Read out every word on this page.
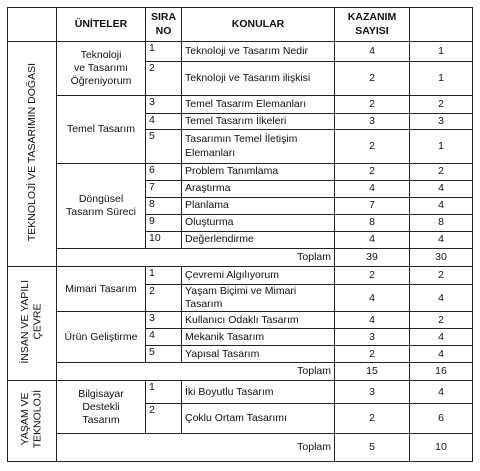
	ÜNİTELER	SIRA
NO	KONULAR	KAZANIM
SAYISI	
TEKNOLOJİ VE TASARIMIN DOĞASI	Teknoloji
ve Tasarımı
Öğreniyorum	1	Teknoloji ve Tasarım Nedir	4	1
		2	Teknoloji ve Tasarım ilişkisi	2	1
	Temel Tasarım	3	Temel Tasarım Elemanları	2	2
		4	Temel Tasarım İlkeleri	3	3
		5	Tasarımın Temel İletişim Elemanları	2	1
	Döngüsel
Tasarım Süreci	6	Problem Tanımlama	2	2
		7	Araştırma	4	4
		8	Planlama	7	4
		9	Oluşturma	8	8
		10	Değerlendirme	4	4
	Toplam			39	30
İNSAN VE YAPILI
ÇEVRE	Mimari Tasarım	1	Çevremi Algılıyorum	2	2
		2	Yaşam Biçimi ve Mimari Tasarım	4	4
	Ürün Geliştirme	3	Kullanıcı Odaklı Tasarım	4	2
		4	Mekanik Tasarım	3	4
		5	Yapısal Tasarım	2	4
	Toplam			15	16
YAŞAM VE
TEKNOLOJİ	Bilgisayar
Destekli
Tasarım	1	İki Boyutlu Tasarım	3	4
		2	Çoklu Ortam Tasarımı	2	6
	Toplam			5	10
